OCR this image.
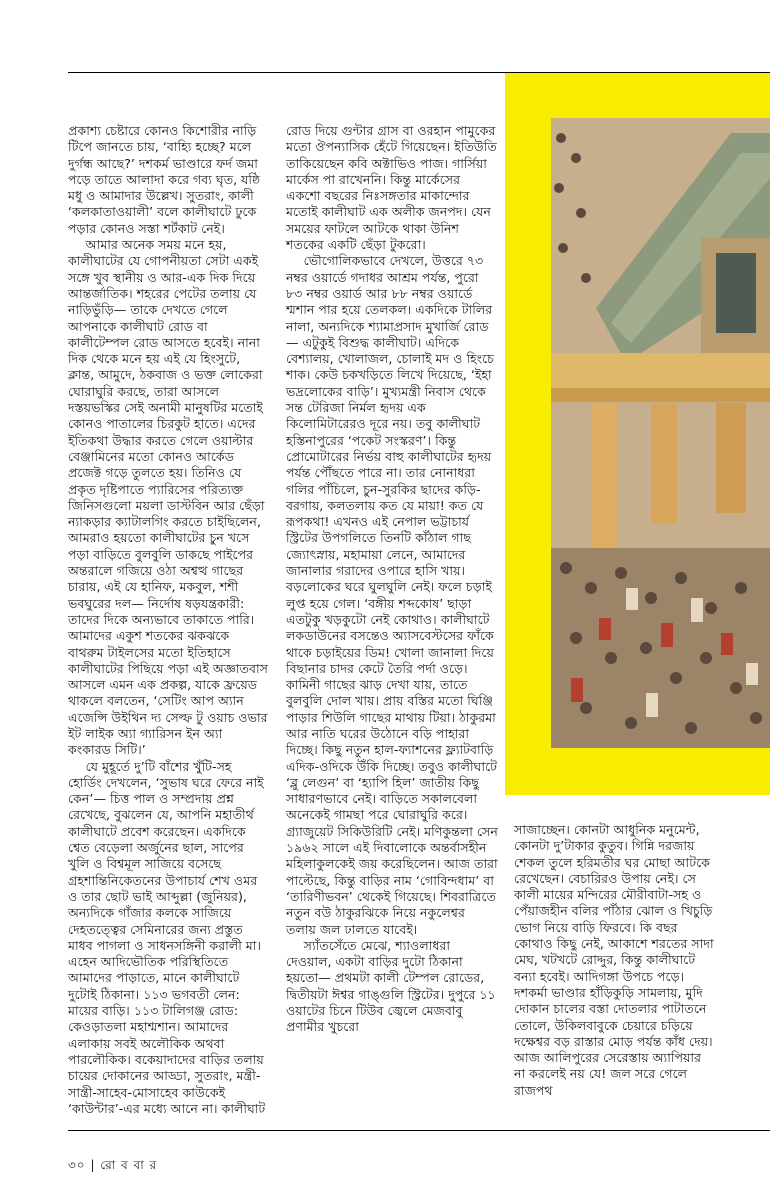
প্রকাশ্য চেষ্টারে কোনও কিশোরীর নাড়ি টিপে জানতে চায়, ‘বাহ্যি হচ্ছে? মলে দুর্গন্ধ আছে?’ দশকর্ম ভাণ্ডারে ফর্দ জমা পড়ে তাতে আলাদা করে গব্য ঘৃত, যষ্ঠি মধু ও আমাদার উল্লেখ। সুতরাং, কালী ‘কলকাতাওয়ালী’ বলে কালীঘাটে ঢুকে পড়ার কোনও সস্তা শর্টকাট নেই।

আমার অনেক সময় মনে হয়, কালীঘাটের যে গোপনীয়তা সেটা একই সঙ্গে খুব স্থানীয় ও আর-এক দিক দিয়ে আন্তর্জাতিক। শহরের পেটের তলায় যে নাড়িভুঁড়ি— তাকে দেখতে গেলে আপনাকে কালীঘাট রোড বা কালীটেম্পল রোড আসতে হবেই। নানা দিক থেকে মনে হয় এই যে হিংসুটে, ক্লান্ত, আমুদে, ঠকবাজ ও ভক্ত লোকেরা ঘোরাঘুরি করছে, তারা আসলে দস্তয়ভস্কির সেই অনামী মানুষটির মতোই কোনও পাতালের চিরকুট হাতে। এদের ইতিকথা উদ্ধার করতে গেলে ওয়াল্টার বেঞ্জামিনের মতো কোনও আর্কেড প্রজেক্ট গড়ে তুলতে হয়। তিনিও যে প্রকৃত দৃষ্টিপাতে প্যারিসের পরিত্যক্ত জিনিসগুলো ময়লা ডাস্টবিন আর ছেঁড়া ন্যাকড়ার ক্যাটালগিং করতে চাইছিলেন, আমরাও হয়তো কালীঘাটের চুন খসে পড়া বাড়িতে বুলবুলি ডাকছে পাইপের অন্তরালে গজিয়ে ওঠা অশ্বত্থ গাছের চারায়, এই যে হানিফ, মকবুল, শশী ভবঘুরের দল— নির্দোষ ষড়যন্ত্রকারী: তাদের দিকে অন্যভাবে তাকাতে পারি। আমাদের একুশ শতকের ঝকঝকে বাথরুম টাইলসের মতো ইতিহাসে কালীঘাটের পিছিয়ে পড়া এই অজ্ঞাতবাস আসলে এমন এক প্রকল্প, যাকে ফ্রয়েড থাকলে বলতেন, ‘সেটিং আপ অ্যান এজেন্সি উইথিন দ্য সেল্ফ টু ওয়াচ ওভার ইট লাইক অ্যা গ্যারিসন ইন অ্যা কংকারড সিটি।’

যে মুহূর্তে দু’টি বাঁশের খুঁটি-সহ হোর্ডিং দেখলেন, ‘সুভাষ ঘরে ফেরে নাই কেন’— চিত্ত পাল ও সম্প্রদায় প্রশ্ন রেখেছে, বুঝলেন যে, আপনি মহাতীর্থ কালীঘাটে প্রবেশ করেছেন। একদিকে শ্বেত বেড়েলা অর্জুনের ছাল, সাপের খুলি ও বিশ্বমূল সাজিয়ে বসেছে গ্রহশান্তিনিকেতনের উপাচার্য শেখ ওমর ও তার ছোট ভাই আব্দুল্লা (জুনিয়র), অন্যদিকে গাঁজার কলকে সাজিয়ে দেহতত্ত্বের সেমিনারের জন্য প্রস্তুত মাধব পাগলা ও সাধনসঙ্গিনী করালী মা। এহেন আদিভৌতিক পরিস্থিতিতে আমাদের পাড়াতে, মানে কালীঘাটে দুটোই ঠিকানা। ১১৩ ভগবতী লেন: মায়ের বাড়ি। ১১৩ টালিগঞ্জ রোড: কেওড়াতলা মহাশ্মশান। আমাদের এলাকায় সবই অলৌকিক অথবা পারলৌকিক। বকেয়াদাদের বাড়ির তলায় চায়ের দোকানের আড্ডা, সুতরাং, মন্ত্রী-সান্ত্রী-সাহেব-মোসাহেব কাউকেই ‘কাউন্টার’-এর মধ্যে আনে না। কালীঘাট

রোড দিয়ে গুন্টার গ্রাস বা ওরহান পামুকের মতো ঔপন্যাসিক হেঁটে গিয়েছেন। ইতিউতি তাকিয়েছেন কবি অক্টাভিও পাজ। গার্সিয়া মার্কেস পা রাখেননি। কিন্তু মার্কেসের একশো বছরের নিঃসঙ্গতার মাকান্দোর মতোই কালীঘাট এক অলীক জনপদ। যেন সময়ের ফাটলে আটকে থাকা উনিশ শতকের একটি ছেঁড়া টুকরো।

ভৌগোলিকভাবে দেখলে, উত্তরে ৭৩ নম্বর ওয়ার্ডে গদাধর আশ্রম পর্যন্ত, পুরো ৮৩ নম্বর ওয়ার্ড আর ৮৮ নম্বর ওয়ার্ডে শ্মশান পার হয়ে তেলকল। একদিকে টালির নালা, অন্যদিকে শ্যামাপ্রসাদ মুখার্জি রোড— এটুকুই বিশুদ্ধ কালীঘাট। এদিকে বেশ্যালয়, খোলাজল, চোলাই মদ ও হিংচে শাক। কেউ চকখড়িতে লিখে দিয়েছে, ‘ইহা ভদ্রলোকের বাড়ি’। মুখ্যমন্ত্রী নিবাস থেকে সন্ত টেরিজা নির্মল হৃদয় এক কিলোমিটারেরও দূরে নয়। তবু কালীঘাট হস্তিনাপুরের ‘পকেট সংস্করণ’। কিন্তু প্রোমোটারের নির্ভয় বাহু কালীঘাটের হৃদয় পর্যন্ত পৌঁছতে পারে না। তার নোনাধরা গলির পাঁচিলে, চুন-সুরকির ছাদের কড়ি-বরগায়, কলতলায় কত যে মায়া! কত যে রূপকথা! এখনও এই নেপাল ভট্টাচার্য স্ট্রিটের উপগলিতে তিনটি কাঁঠাল গাছ জ্যোৎস্নায়, মহামায়া লেনে, আমাদের জানালার গরাদের ওপারে হাসি খায়। বড়লোকের ঘরে ঘুলঘুলি নেই। ফলে চড়াই লুপ্ত হয়ে গেল। ‘বঙ্গীয় শব্দকোষ’ ছাড়া এতটুকু খড়কুটো নেই কোথাও। কালীঘাটে লকডাউনের বসন্তেও অ্যাসবেস্টসের ফাঁকে থাকে চড়াইয়ের ডিম! খোলা জানালা দিয়ে বিছানার চাদর কেটে তৈরি পর্দা ওড়ে। কামিনী গাছের ঝাড় দেখা যায়, তাতে বুলবুলি দোল খায়। প্রায় বস্তির মতো ঘিঞ্জি পাড়ার শিউলি গাছের মাথায় টিয়া। ঠাকুরমা আর নাতি ঘরের উঠোনে বড়ি পাহারা দিচ্ছে। কিছু নতুন হাল-ফ্যাশনের ফ্ল্যাটবাড়ি এদিক-ওদিকে উঁকি দিচ্ছে। তবুও কালীঘাটে ‘ব্লু লেগুন’ বা ‘হ্যাপি হিল’ জাতীয় কিছু সাধারণভাবে নেই। বাড়িতে সকালবেলা অনেকেই গামছা পরে ঘোরাঘুরি করে। গ্র্যাজুয়েট সিকিউরিটি নেই। মণিকুন্তলা সেন ১৯৬২ সালে এই দিবালোকে অন্তর্বাসহীন মহিলাকুলকেই জয় করেছিলেন। আজ তারা পাল্টেছে, কিন্তু বাড়ির নাম ‘গোবিন্দধাম’ বা ‘তারিণীভবন’ থেকেই গিয়েছে। শিবরাত্রিতে নতুন বউ ঠাকুরঝিকে নিয়ে নকুলেশ্বর তলায় জল ঢালতে যাবেই।

স্যাঁতসেঁতে মেঝে, শ্যাওলাধরা দেওয়াল, একটা বাড়ির দুটো ঠিকানা হয়তো— প্রথমটা কালী টেম্পল রোডের, দ্বিতীয়টা ঈশ্বর গাঙ্গুলি স্ট্রিটের। দুপুরে ১১ ওয়াটের চিনে টিউব জ্বেলে মেজবাবু প্রণামীর খুচরো

সাজাচ্ছেন। কোনটা আধুনিক মনুমেন্ট, কোনটা দু’টাকার কুতুব। গিন্নি দরজায় শেকল তুলে হরিমতীর ঘর মোছা আটকে রেখেছেন। বেচারিরও উপায় নেই। সে কালী মায়ের মন্দিরের মৌরীবাটা-সহ ও পেঁয়াজহীন বলির পাঁঠার ঝোল ও খিচুড়ি ভোগ নিয়ে বাড়ি ফিরবে। কি বছর কোথাও কিছু নেই, আকাশে শরতের সাদা মেঘ, খটখটে রোদ্দুর, কিন্তু কালীঘাটে বন্যা হবেই। আদিগঙ্গা উপচে পড়ে। দশকর্মা ভাণ্ডার হাঁড়িকুড়ি সামলায়, মুদি দোকান চালের বস্তা দোতলার পাটাতনে তোলে, উকিলবাবুকে চেয়ারে চড়িয়ে দক্ষেশ্বর বড় রাস্তার মোড় পর্যন্ত কাঁধ দেয়। আজ আলিপুরের সেরেস্তায় অ্যাপিয়ার না করলেই নয় যে! জল সরে গেলে রাজপথ

৩০ | রো ব বা র
